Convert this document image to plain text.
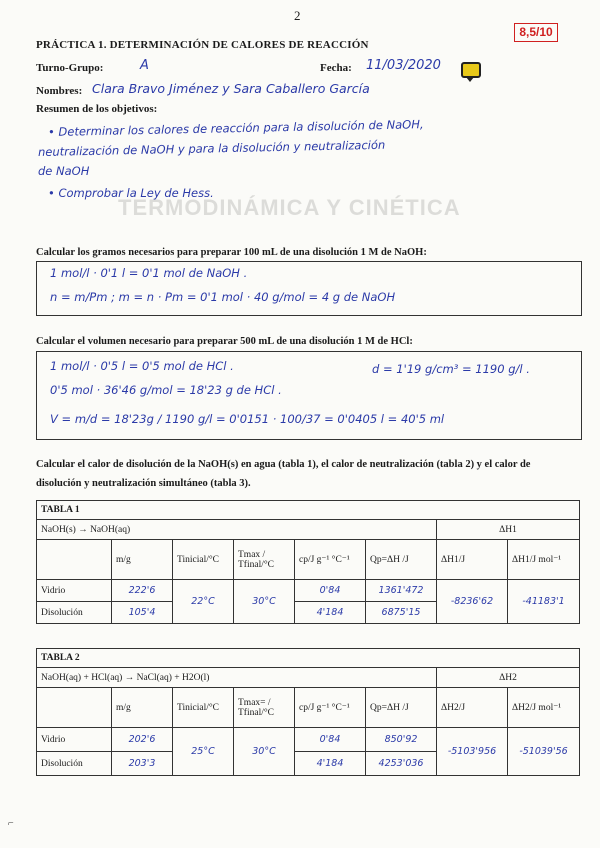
2
8,5/10
PRÁCTICA 1. DETERMINACIÓN DE CALORES DE REACCIÓN
Turno-Grupo:	A	Fecha: 11/03/2020
Nombres: Clara Bravo Jiménez y Sara Caballero García
Resumen de los objetivos:
• Determinar los calores de reacción para la disolución de NaOH,
neutralización de NaOH y para la disolución y neutralización
de NaOH
• Comprobar la Ley de Hess.
TERMODINÁMICA Y CINÉTICA
Calcular los gramos necesarios para preparar 100 mL de una disolución 1 M de NaOH:
1 mol/l · 0'1 l = 0'1 mol de NaOH .
n = m/Pm ; m = n · Pm = 0'1 mol · 40 g/mol = 4 g de NaOH
Calcular el volumen necesario para preparar 500 mL de una disolución 1 M de HCl:
1 mol/l · 0'5 l = 0'5 mol de HCl .	d = 1'19 g/cm³ = 1190 g/l .
0'5 mol · 36'46 g/mol = 18'23 g de HCl .
V = m/d = 18'23g / 1190 g/l = 0'0151 · 100/37 = 0'0405 l = 40'5 ml
Calcular el calor de disolución de la NaOH(s) en agua (tabla 1), el calor de neutralización (tabla 2) y el calor de disolución y neutralización simultáneo (tabla 3).
TABLA 1							
NaOH(s) → NaOH(aq)						ΔH1	
	m/g	Tinicial/°C	Tmax / Tfinal/°C	cp/J g⁻¹ °C⁻¹	Qp=ΔH /J	ΔH1/J	ΔH1/J mol⁻¹
Vidrio	222'6	22°C	30°C	0'84	1361'472	-8236'62	-41183'1
Disolución	105'4			4'184	6875'15		
TABLA 2							
NaOH(aq) + HCl(aq) → NaCl(aq) + H2O(l)						ΔH2	
	m/g	Tinicial/°C	Tmax= / Tfinal/°C	cp/J g⁻¹ °C⁻¹	Qp=ΔH /J	ΔH2/J	ΔH2/J mol⁻¹
Vidrio	202'6	25°C	30°C	0'84	850'92	-5103'956	-51039'56
Disolución	203'3			4'184	4253'036		
⌐
